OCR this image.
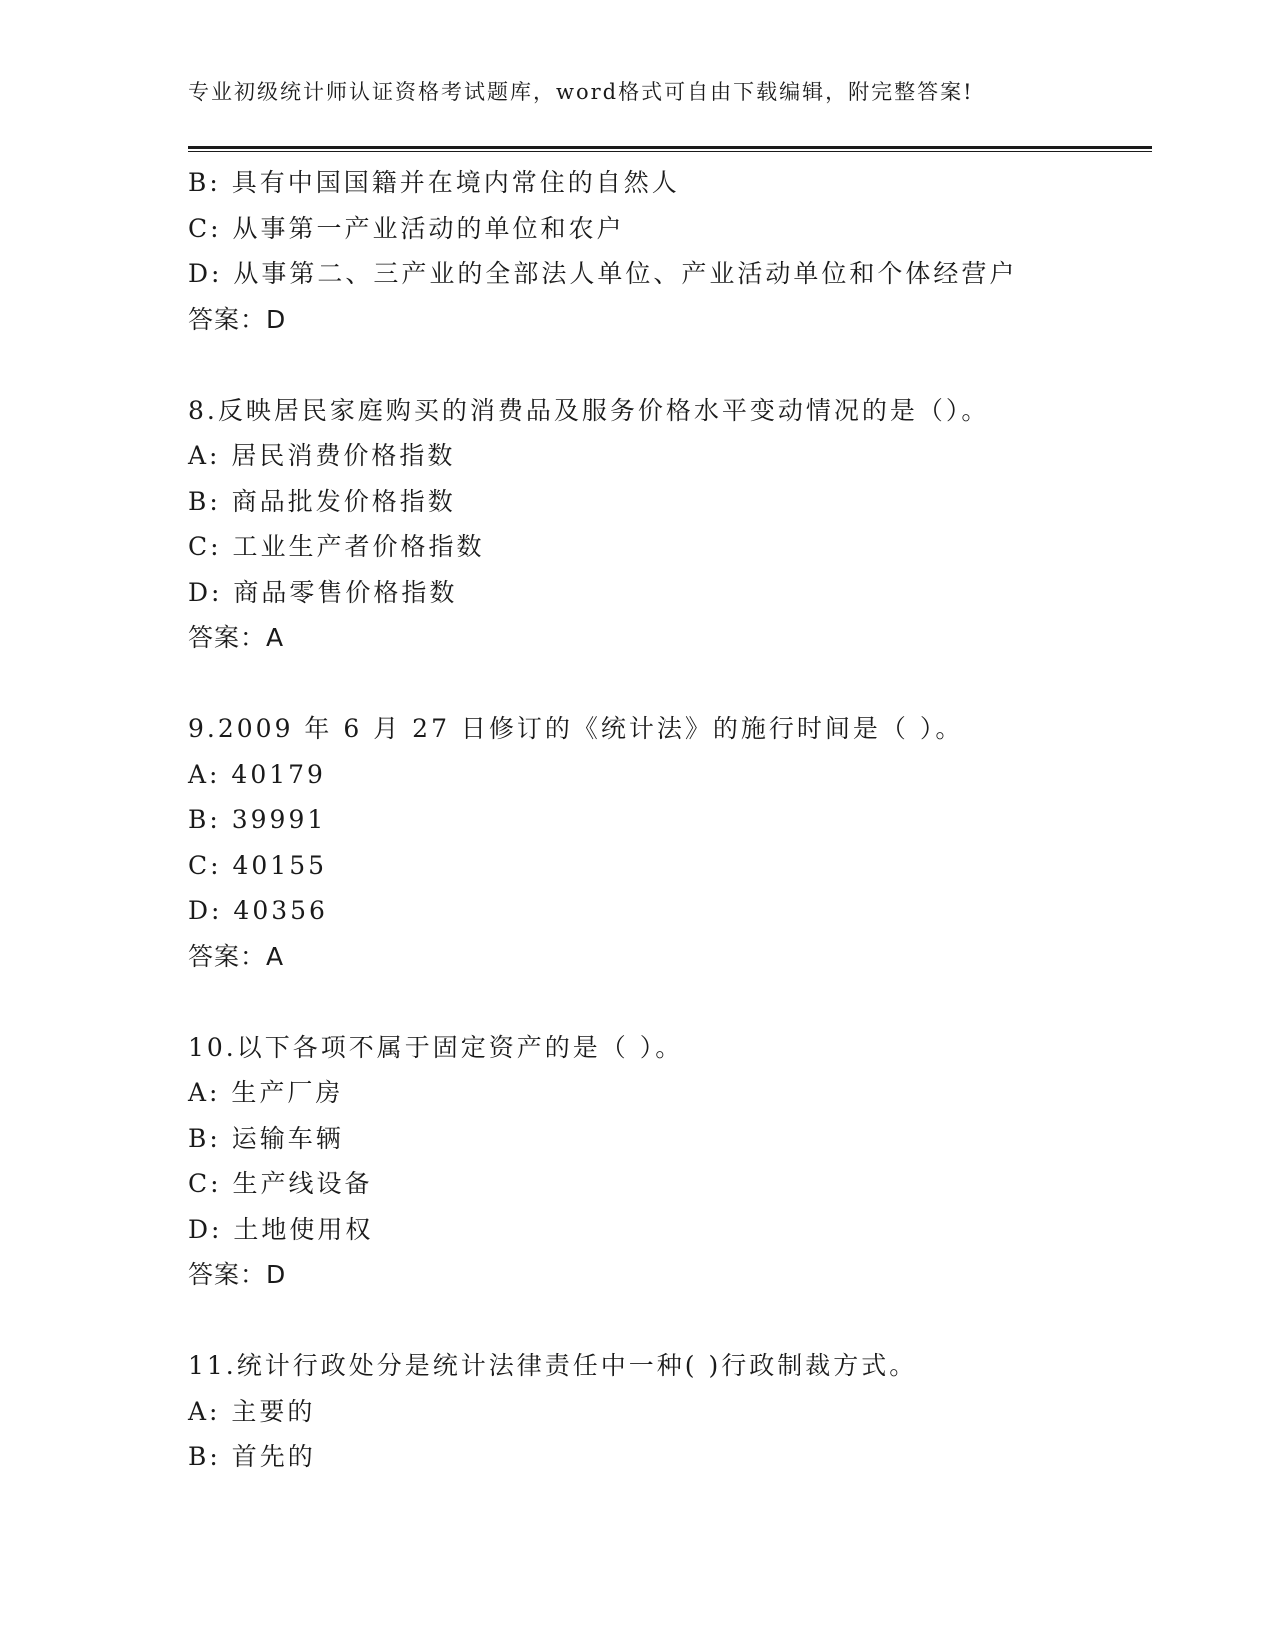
专业初级统计师认证资格考试题库，word格式可自由下载编辑，附完整答案!
B: 具有中国国籍并在境内常住的自然人
C: 从事第一产业活动的单位和农户
D: 从事第二、三产业的全部法人单位、产业活动单位和个体经营户
答案：D
8.反映居民家庭购买的消费品及服务价格水平变动情况的是（）。
A: 居民消费价格指数
B: 商品批发价格指数
C: 工业生产者价格指数
D: 商品零售价格指数
答案：A
9.2009 年 6 月 27 日修订的《统计法》的施行时间是（ ）。
A: 40179
B: 39991
C: 40155
D: 40356
答案：A
10.以下各项不属于固定资产的是（ ）。
A: 生产厂房
B: 运输车辆
C: 生产线设备
D: 土地使用权
答案：D
11.统计行政处分是统计法律责任中一种( )行政制裁方式。
A: 主要的
B: 首先的
